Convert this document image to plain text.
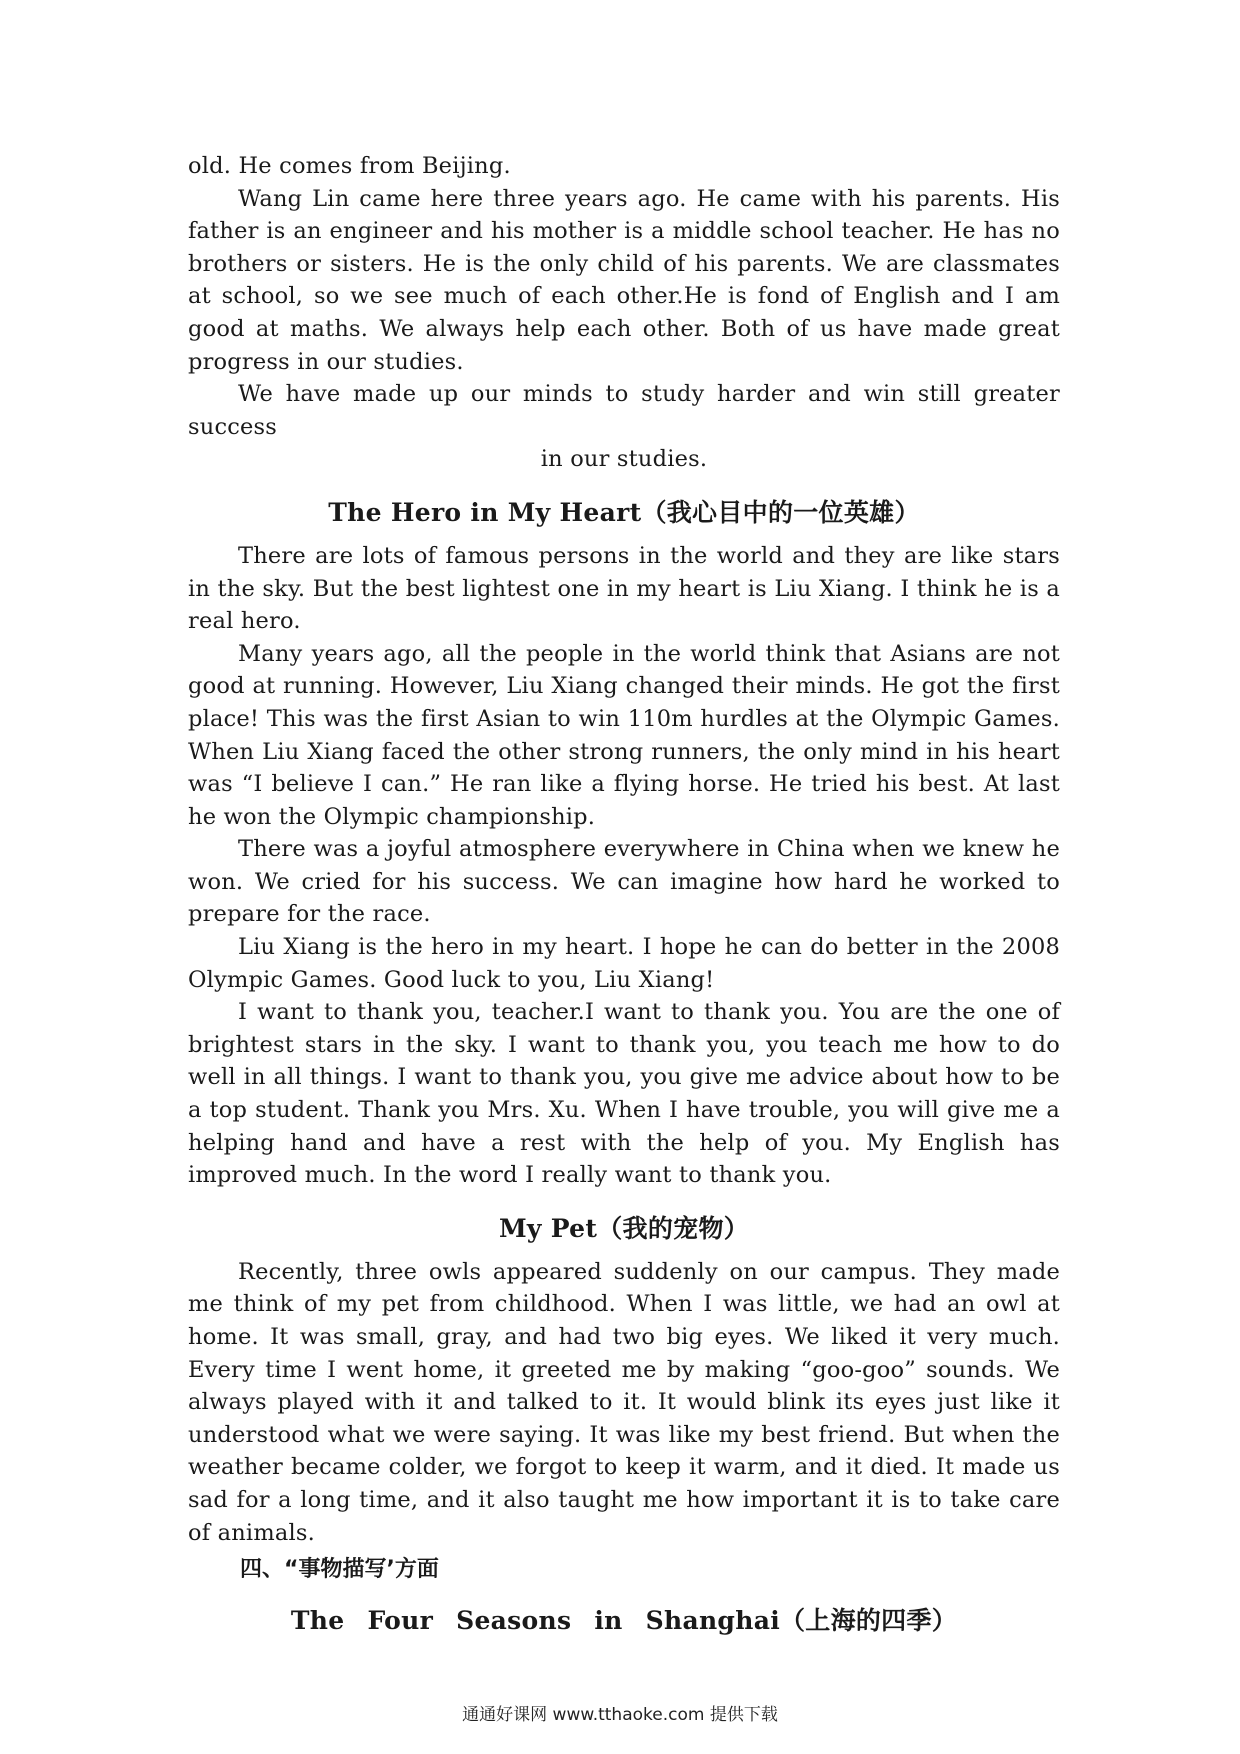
old. He comes from Beijing.

Wang Lin came here three years ago. He came with his parents. His father is an engineer and his mother is a middle school teacher. He has no brothers or sisters. He is the only child of his parents. We are classmates at school, so we see much of each other.He is fond of English and I am good at maths. We always help each other. Both of us have made great progress in our studies.

We have made up our minds to study harder and win still greater success

in our studies.

The Hero in My Heart（我心目中的一位英雄）

There are lots of famous persons in the world and they are like stars in the sky. But the best lightest one in my heart is Liu Xiang. I think he is a real hero.

Many years ago, all the people in the world think that Asians are not good at running. However, Liu Xiang changed their minds. He got the first place! This was the first Asian to win 110m hurdles at the Olympic Games. When Liu Xiang faced the other strong runners, the only mind in his heart was “I believe I can.” He ran like a flying horse. He tried his best. At last he won the Olympic championship.

There was a joyful atmosphere everywhere in China when we knew he won. We cried for his success. We can imagine how hard he worked to prepare for the race.

Liu Xiang is the hero in my heart. I hope he can do better in the 2008 Olympic Games. Good luck to you, Liu Xiang!

I want to thank you, teacher.I want to thank you. You are the one of brightest stars in the sky. I want to thank you, you teach me how to do well in all things. I want to thank you, you give me advice about how to be a top student. Thank you Mrs. Xu. When I have trouble, you will give me a helping hand and have a rest with the help of you. My English has improved much. In the word I really want to thank you.

My Pet（我的宠物）

Recently, three owls appeared suddenly on our campus. They made me think of my pet from childhood. When I was little, we had an owl at home. It was small, gray, and had two big eyes. We liked it very much. Every time I went home, it greeted me by making “goo-goo” sounds. We always played with it and talked to it. It would blink its eyes just like it understood what we were saying. It was like my best friend. But when the weather became colder, we forgot to keep it warm, and it died. It made us sad for a long time, and it also taught me how important it is to take care of animals.

四、“事物描写’方面
The Four Seasons in Shanghai（上海的四季）
通通好课网 www.tthaoke.com 提供下载
